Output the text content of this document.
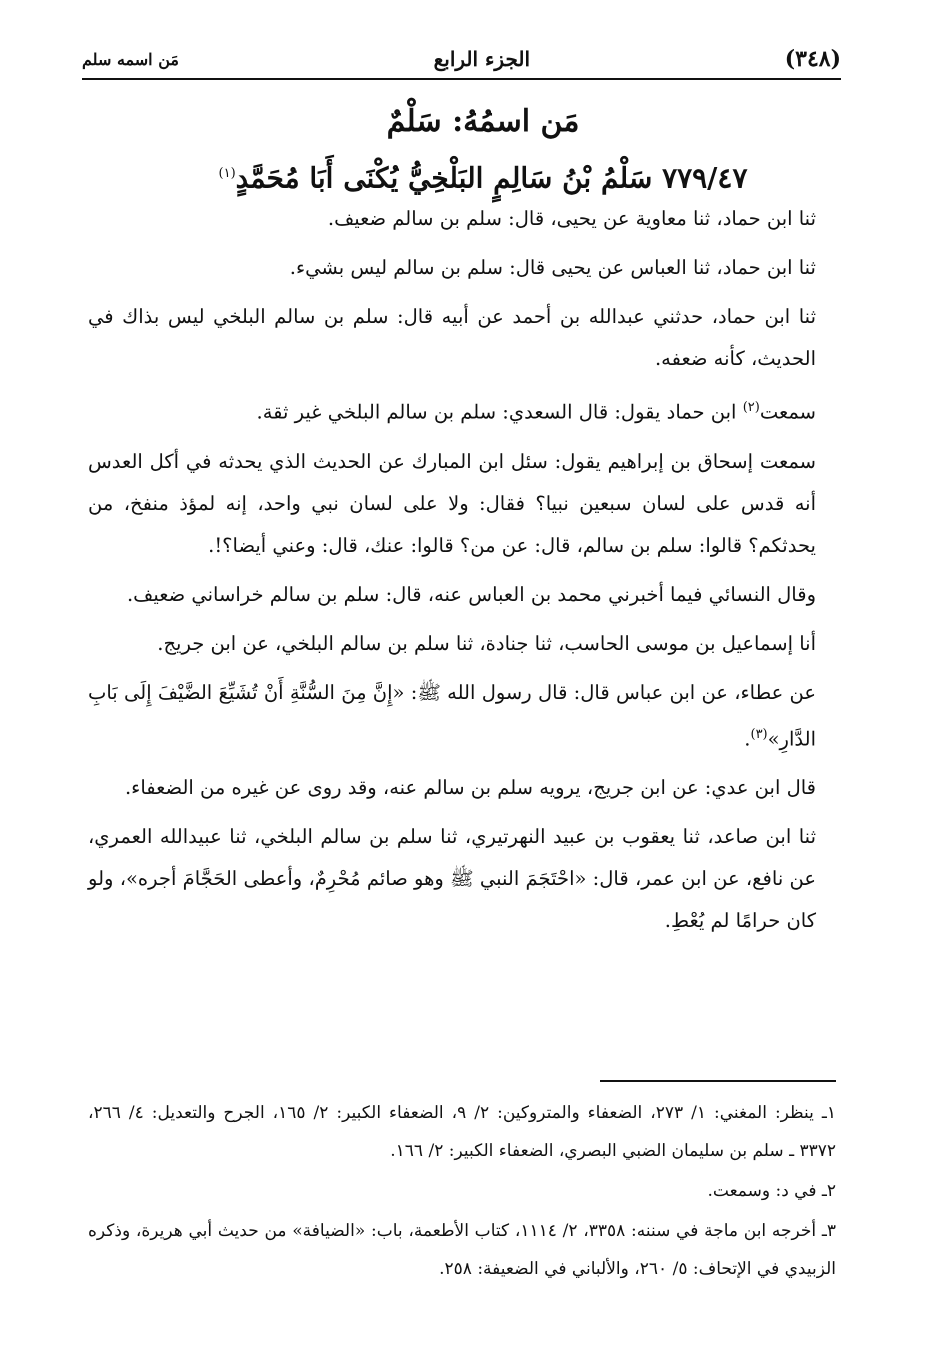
(٣٤٨)
الجزء الرابع
مَن اسمه سلم
مَن اسمُهُ: سَلْمٌ
٧٧٩/٤٧ سَلْمُ بْنُ سَالِمٍ البَلْخِيُّ يُكْنَى أَبَا مُحَمَّدٍ$^{(١)}$

ثنا ابن حماد، ثنا معاوية عن يحيى، قال: سلم بن سالم ضعيف.

ثنا ابن حماد، ثنا العباس عن يحيى قال: سلم بن سالم ليس بشيء.

ثنا ابن حماد، حدثني عبدالله بن أحمد عن أبيه قال: سلم بن سالم البلخي ليس بذاك في الحديث، كأنه ضعفه.

سمعت$^{(٢)}$ ابن حماد يقول: قال السعدي: سلم بن سالم البلخي غير ثقة.

سمعت إسحاق بن إبراهيم يقول: سئل ابن المبارك عن الحديث الذي يحدثه في أكل العدس أنه قدس على لسان سبعين نبيا؟ فقال: ولا على لسان نبي واحد، إنه لمؤذ منفخ، من يحدثكم؟ قالوا: سلم بن سالم، قال: عن من؟ قالوا: عنك، قال: وعني أيضا؟!.

وقال النسائي فيما أخبرني محمد بن العباس عنه، قال: سلم بن سالم خراساني ضعيف.

أنا إسماعيل بن موسى الحاسب، ثنا جنادة، ثنا سلم بن سالم البلخي، عن ابن جريج.

عن عطاء، عن ابن عباس قال: قال رسول الله ﷺ: «إِنَّ مِنَ السُّنَّةِ أَنْ تُشَيِّعَ الضَّيْفَ إِلَى بَابِ الدَّارِ»$^{(٣)}$.

قال ابن عدي: عن ابن جريج، يرويه سلم بن سالم عنه، وقد روى عن غيره من الضعفاء.

ثنا ابن صاعد، ثنا يعقوب بن عبيد النهرتيري، ثنا سلم بن سالم البلخي، ثنا عبيدالله العمري، عن نافع، عن ابن عمر، قال: «احْتَجَمَ النبي ﷺ وهو صائم مُحْرِمٌ، وأعطى الحَجَّامَ أجره»، ولو كان حرامًا لم يُعْطِ.

١ـ ينظر: المغني: ١/ ٢٧٣، الضعفاء والمتروكين: ٢/ ٩، الضعفاء الكبير: ٢/ ١٦٥، الجرح والتعديل: ٤/ ٢٦٦، ٣٣٧٢ ـ سلم بن سليمان الضبي البصري، الضعفاء الكبير: ٢/ ١٦٦.

٢ـ في د: وسمعت.

٣ـ أخرجه ابن ماجة في سننه: ٣٣٥٨، ٢/ ١١١٤، كتاب الأطعمة، باب: «الضيافة» من حديث أبي هريرة، وذكره الزبيدي في الإتحاف: ٥/ ٢٦٠، والألباني في الضعيفة: ٢٥٨.
